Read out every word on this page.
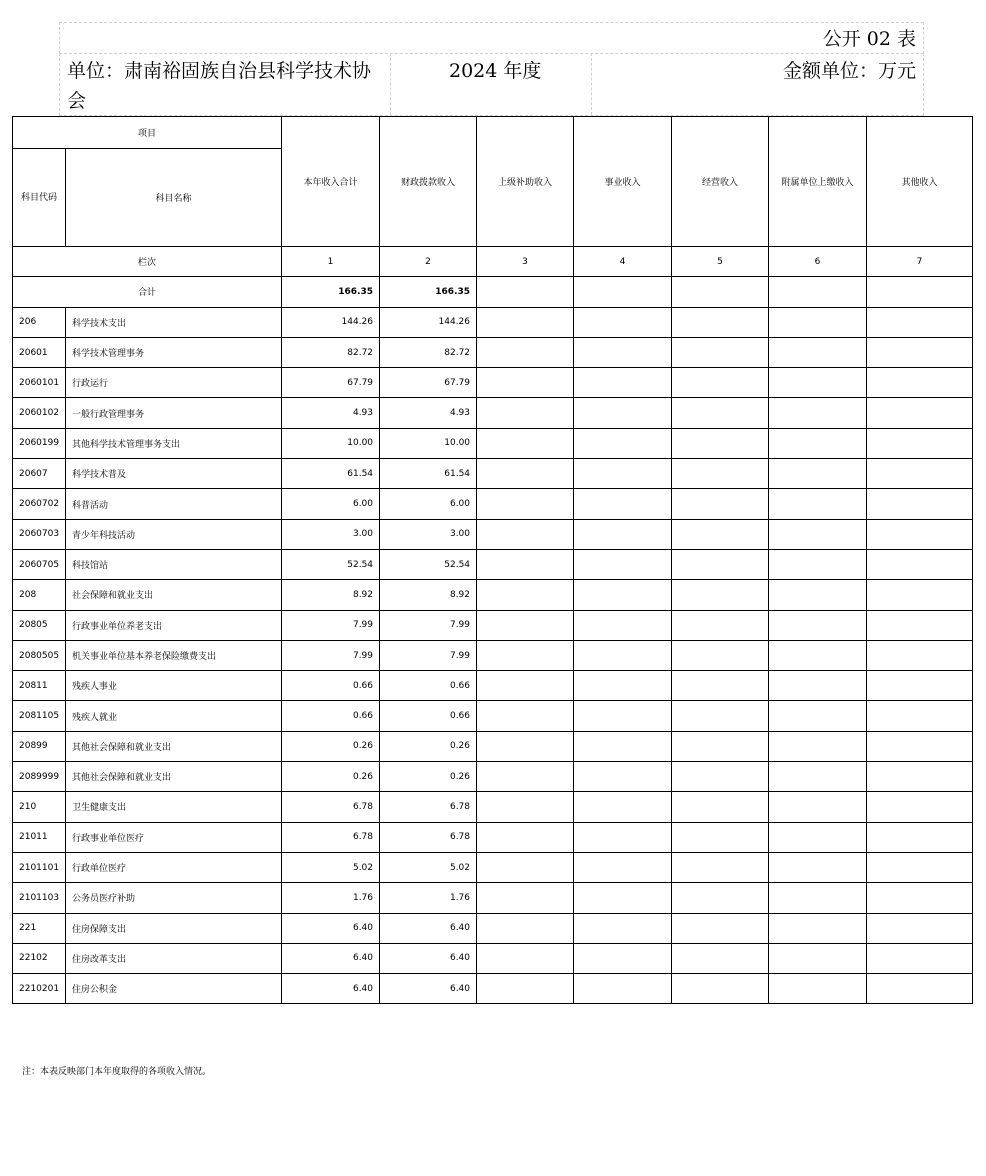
公开 02 表
单位：肃南裕固族自治县科学技术协会
2024 年度	金额单位：万元
项目		本年收入合计	财政拨款收入	上级补助收入	事业收入	经营收入	附属单位上缴收入	其他收入
科目代码	科目名称							
栏次		1	2	3	4	5	6	7
合计		166.35	166.35					
206	科学技术支出	144.26	144.26					
20601	科学技术管理事务	82.72	82.72					
2060101	行政运行	67.79	67.79					
2060102	一般行政管理事务	4.93	4.93					
2060199	其他科学技术管理事务支出	10.00	10.00					
20607	科学技术普及	61.54	61.54					
2060702	科普活动	6.00	6.00					
2060703	青少年科技活动	3.00	3.00					
2060705	科技馆站	52.54	52.54					
208	社会保障和就业支出	8.92	8.92					
20805	行政事业单位养老支出	7.99	7.99					
2080505	机关事业单位基本养老保险缴费支出	7.99	7.99					
20811	残疾人事业	0.66	0.66					
2081105	残疾人就业	0.66	0.66					
20899	其他社会保障和就业支出	0.26	0.26					
2089999	其他社会保障和就业支出	0.26	0.26					
210	卫生健康支出	6.78	6.78					
21011	行政事业单位医疗	6.78	6.78					
2101101	行政单位医疗	5.02	5.02					
2101103	公务员医疗补助	1.76	1.76					
221	住房保障支出	6.40	6.40					
22102	住房改革支出	6.40	6.40					
2210201	住房公积金	6.40	6.40					
注：本表反映部门本年度取得的各项收入情况。
